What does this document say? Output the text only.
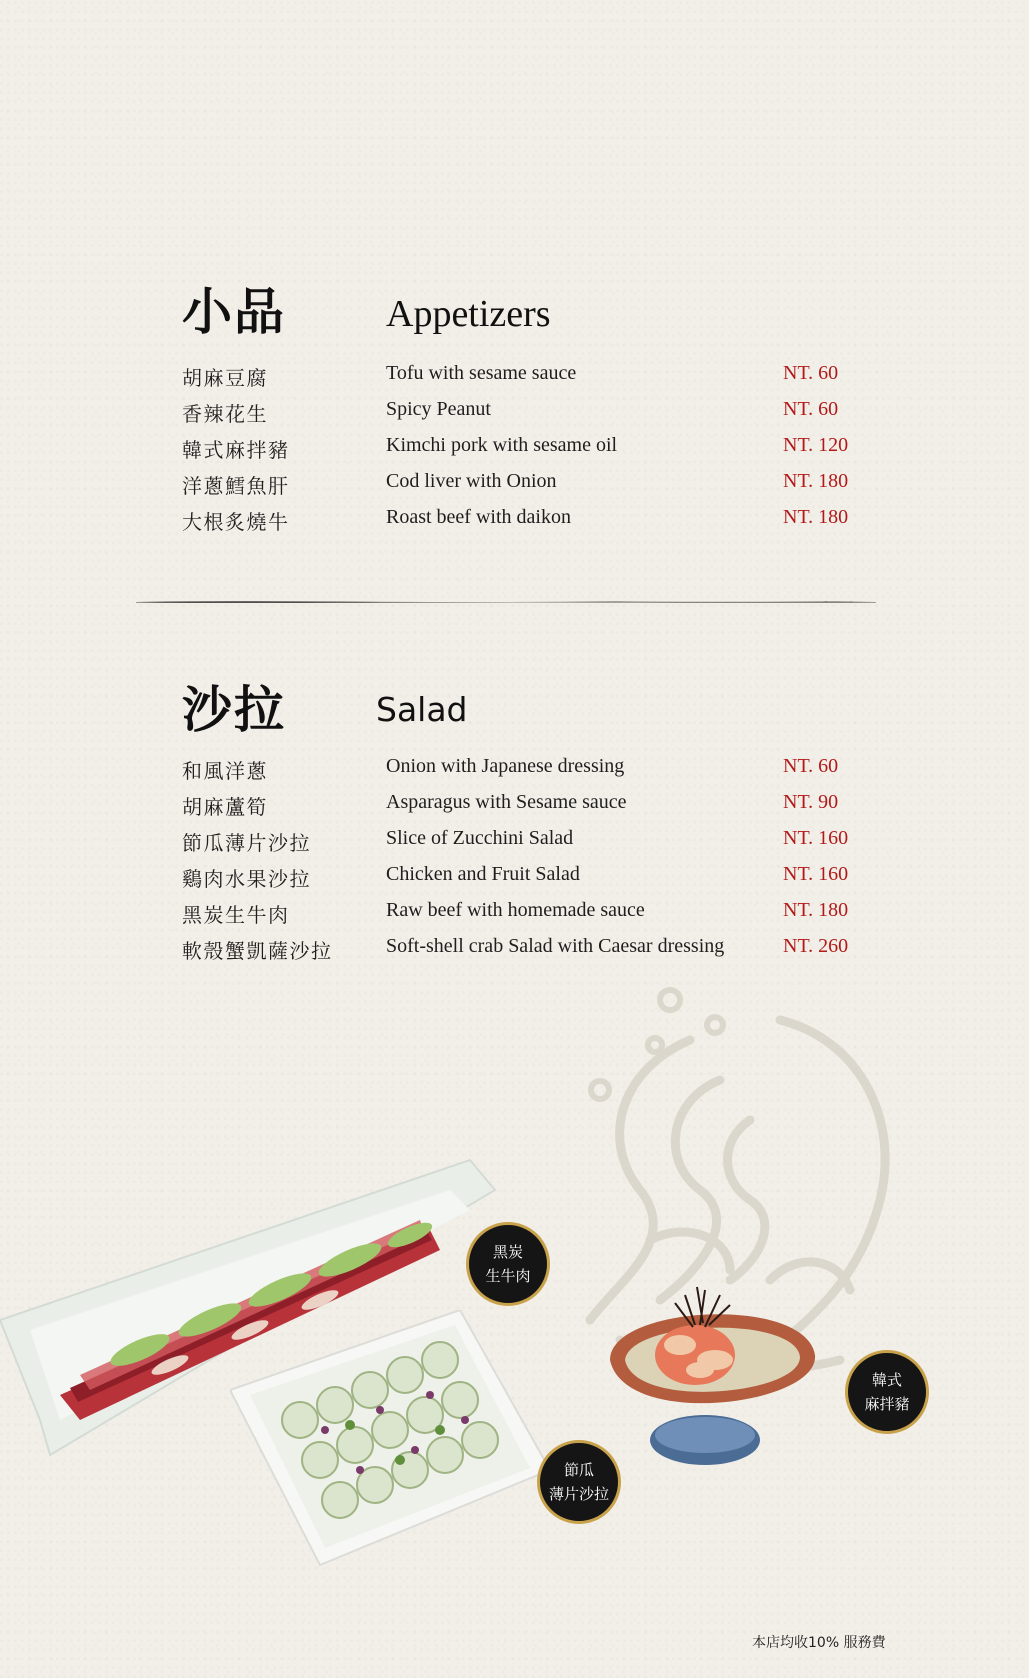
小品	Appetizers
胡麻豆腐	Tofu with sesame sauce	NT. 60
香辣花生	Spicy Peanut	NT. 60
韓式麻拌豬	Kimchi pork with sesame oil	NT. 120
洋蔥鱈魚肝	Cod liver with Onion	NT. 180
大根炙燒牛	Roast beef with daikon	NT. 180
沙拉	Salad
和風洋蔥	Onion with Japanese dressing	NT. 60
胡麻蘆筍	Asparagus with Sesame sauce	NT. 90
節瓜薄片沙拉	Slice of Zucchini Salad	NT. 160
鷄肉水果沙拉	Chicken and Fruit Salad	NT. 160
黑炭生牛肉	Raw beef with homemade sauce	NT. 180
軟殼蟹凱薩沙拉	Soft-shell crab Salad with Caesar dressing	NT. 260
黑炭
生牛肉
節瓜
薄片沙拉
韓式
麻拌豬
本店均收10% 服務費
